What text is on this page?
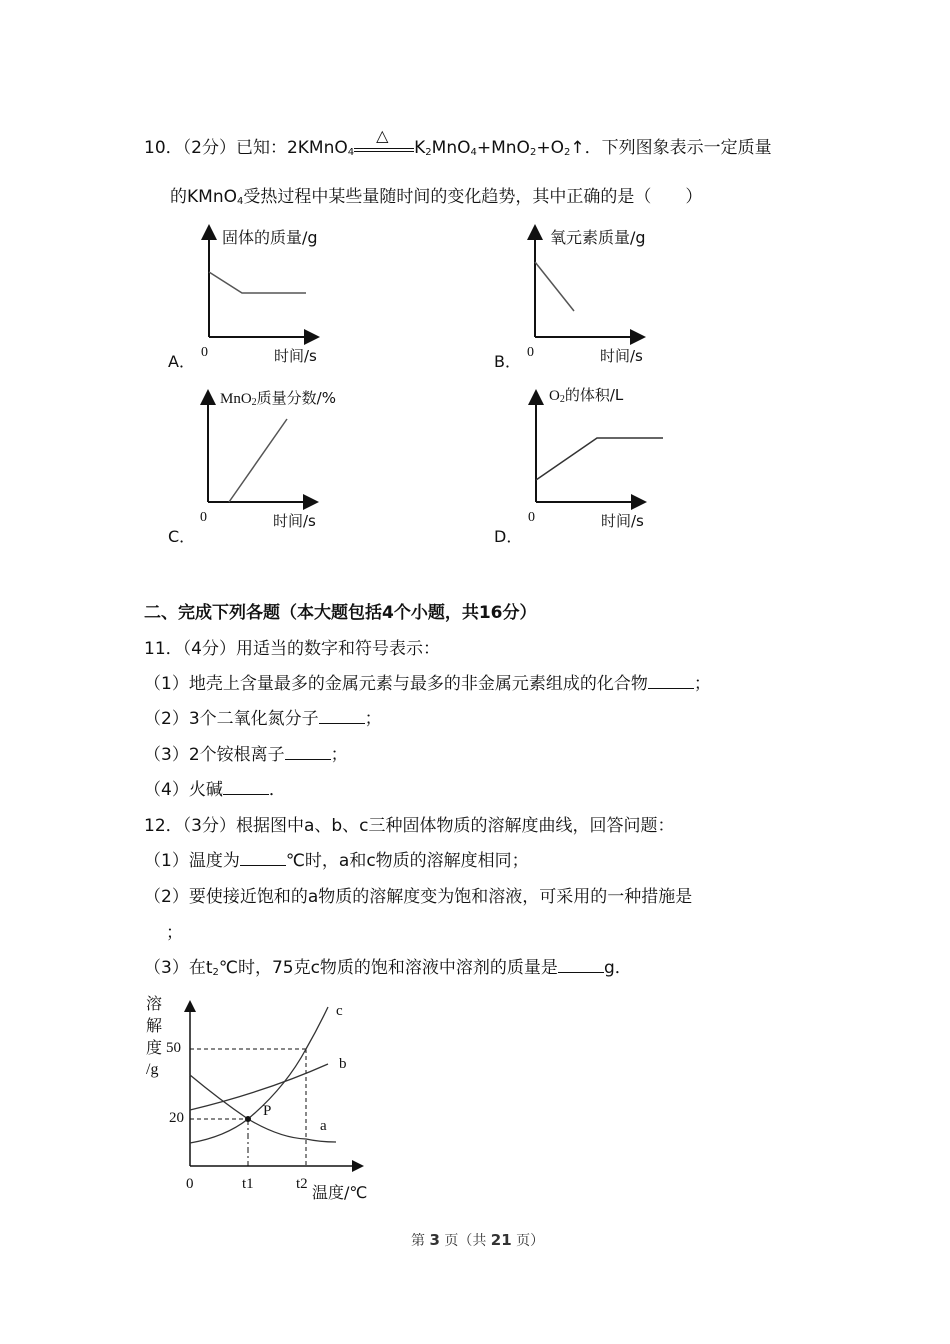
10．（2分）已知：2KMnO$_4$
△
$K_2MnO_4+MnO_2+O_2↑$．下列图象表示一定质量
的KMnO$_4$受热过程中某些量随时间的变化趋势，其中正确的是（　　）
固体的质量/g
0	时间/s
A．
氧元素质量/g
0	时间/s
B．
MnO$_2$质量分数/%
0	时间/s
C．
$O_2$的体积/L
0	时间/s
D．
二、完成下列各题（本大题包括4个小题，共16分）
11．（4分）用适当的数字和符号表示：
（1）地壳上含量最多的金属元素与最多的非金属元素组成的化合物	；
（2）3个二氧化氮分子	；
（3）2个铵根离子	；
（4）火碱	．
12．（3分）根据图中a、b、c三种固体物质的溶解度曲线，回答问题：
（1）温度为	℃时，a和c物质的溶解度相同；
（2）要使接近饱和的a物质的溶解度变为饱和溶液，可采用的一种措施是
；
（3）在$t_2℃$时，75克c物质的饱和溶液中溶剂的质量是	g．
溶
解
度
/g
50
20
0	t1	t2 温度/℃
c
b
a
P
第 3 页（共 21 页）
